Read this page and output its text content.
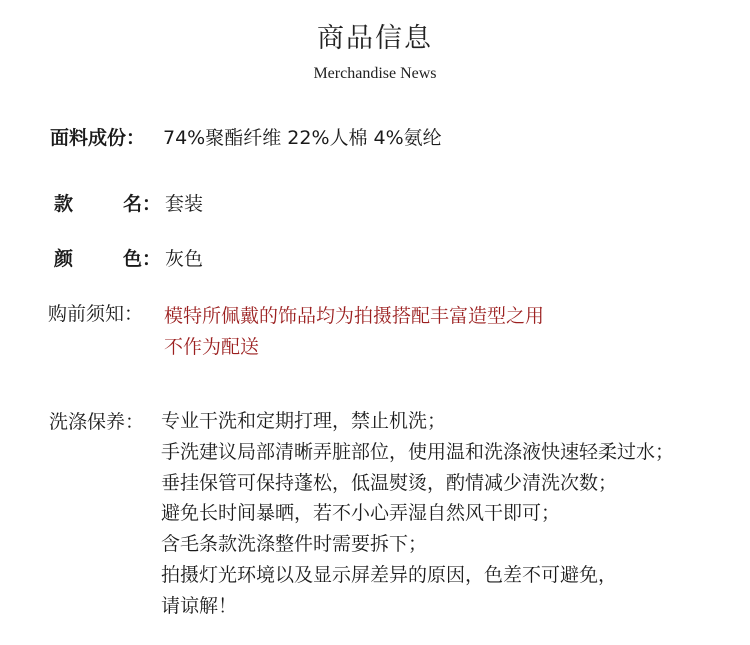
商品信息
Merchandise News
面料成份： 74%聚酯纤维 22%人棉 4%氨纶
款 名： 套装
颜 色： 灰色
购前须知： 模特所佩戴的饰品均为拍摄搭配丰富造型之用
不作为配送
洗涤保养： 专业干洗和定期打理，禁止机洗；
手洗建议局部清晰弄脏部位，使用温和洗涤液快速轻柔过水；
垂挂保管可保持蓬松，低温熨烫，酌情减少清洗次数；
避免长时间暴晒，若不小心弄湿自然风干即可；
含毛条款洗涤整件时需要拆下；
拍摄灯光环境以及显示屏差异的原因，色差不可避免，
请谅解！
